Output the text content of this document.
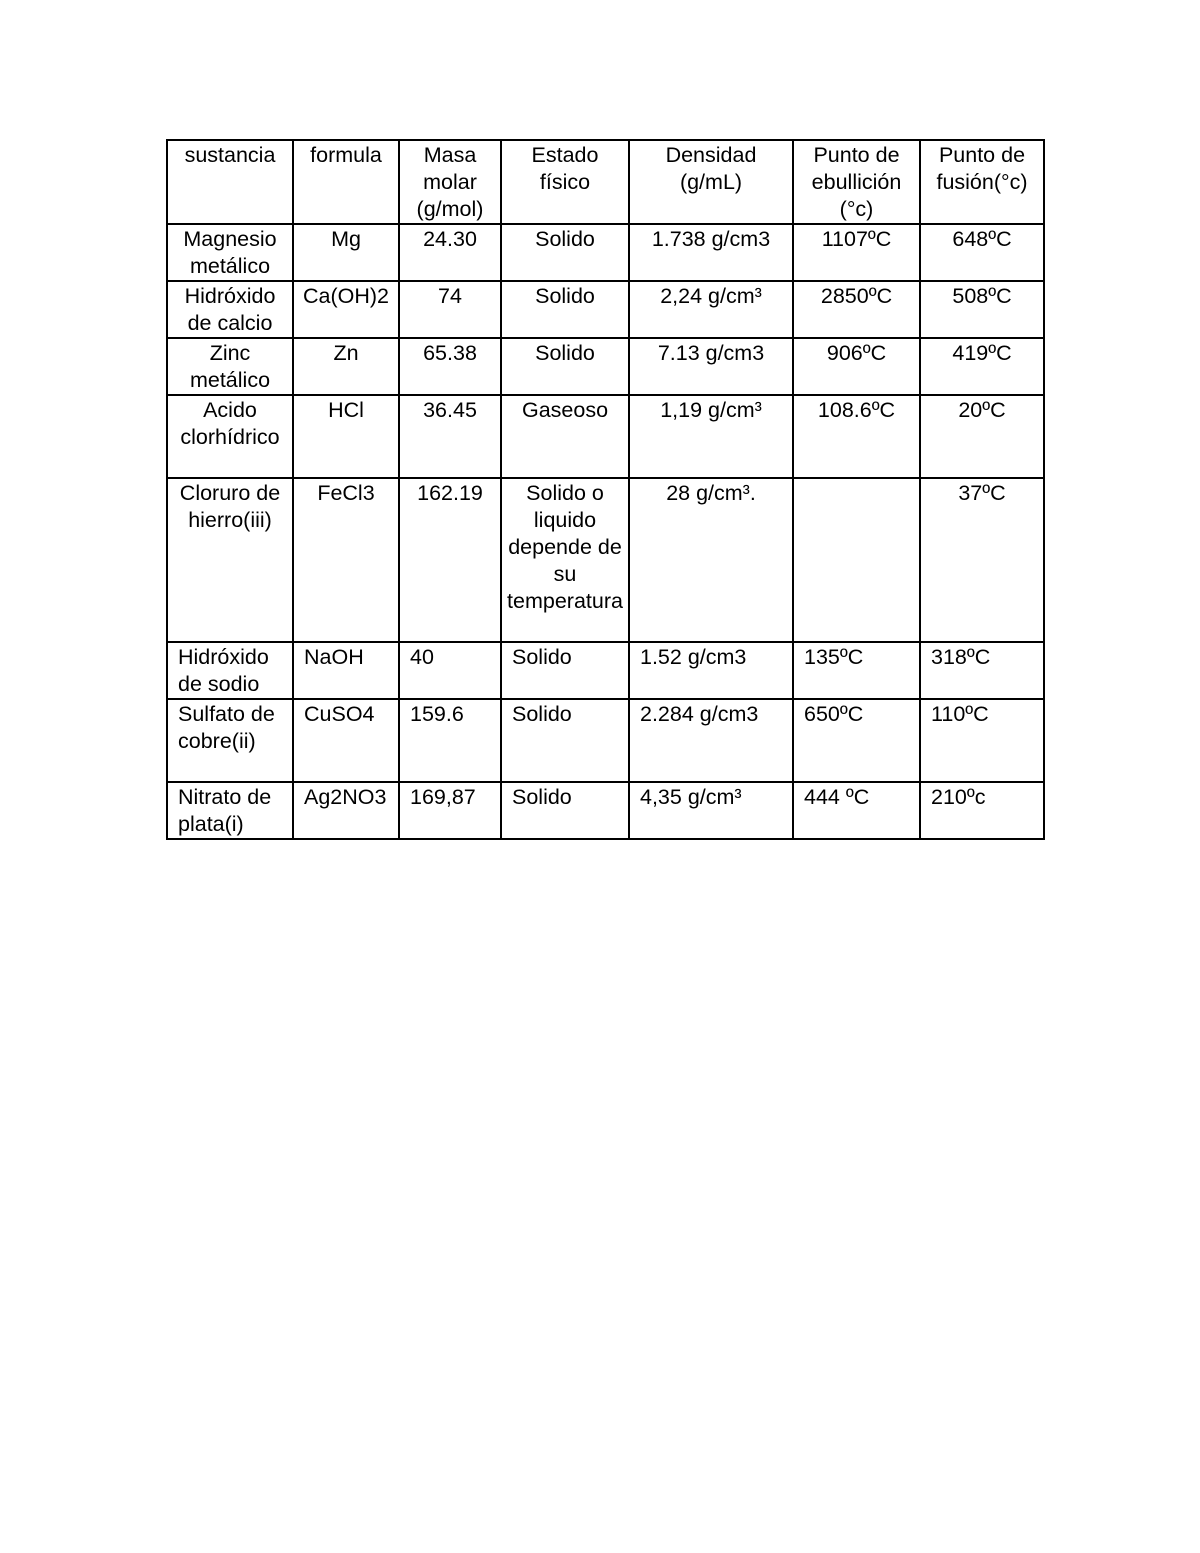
sustancia	formula	Masa molar (g/mol)	Estado físico	Densidad (g/mL)	Punto de ebullición (°c)	Punto de fusión(°c)
Magnesio metálico	Mg	24.30	Solido	1.738 g/cm3	1107ºC	648ºC
Hidróxido de calcio	Ca(OH)2	74	Solido	2,24 g/cm³	2850ºC	508ºC
Zinc metálico	Zn	65.38	Solido	7.13 g/cm3	906ºC	419ºC
Acido clorhídrico	HCl	36.45	Gaseoso	1,19 g/cm³	108.6ºC	20ºC
Cloruro de hierro(iii)	FeCl3	162.19	Solido o liquido depende de su temperatura	28 g/cm³.		37ºC
Hidróxido de sodio	NaOH	40	Solido	1.52 g/cm3	135ºC	318ºC
Sulfato de cobre(ii)	CuSO4	159.6	Solido	2.284 g/cm3	650ºC	110ºC
Nitrato de plata(i)	Ag2NO3	169,87	Solido	4,35 g/cm³	444 ºC	210ºc
